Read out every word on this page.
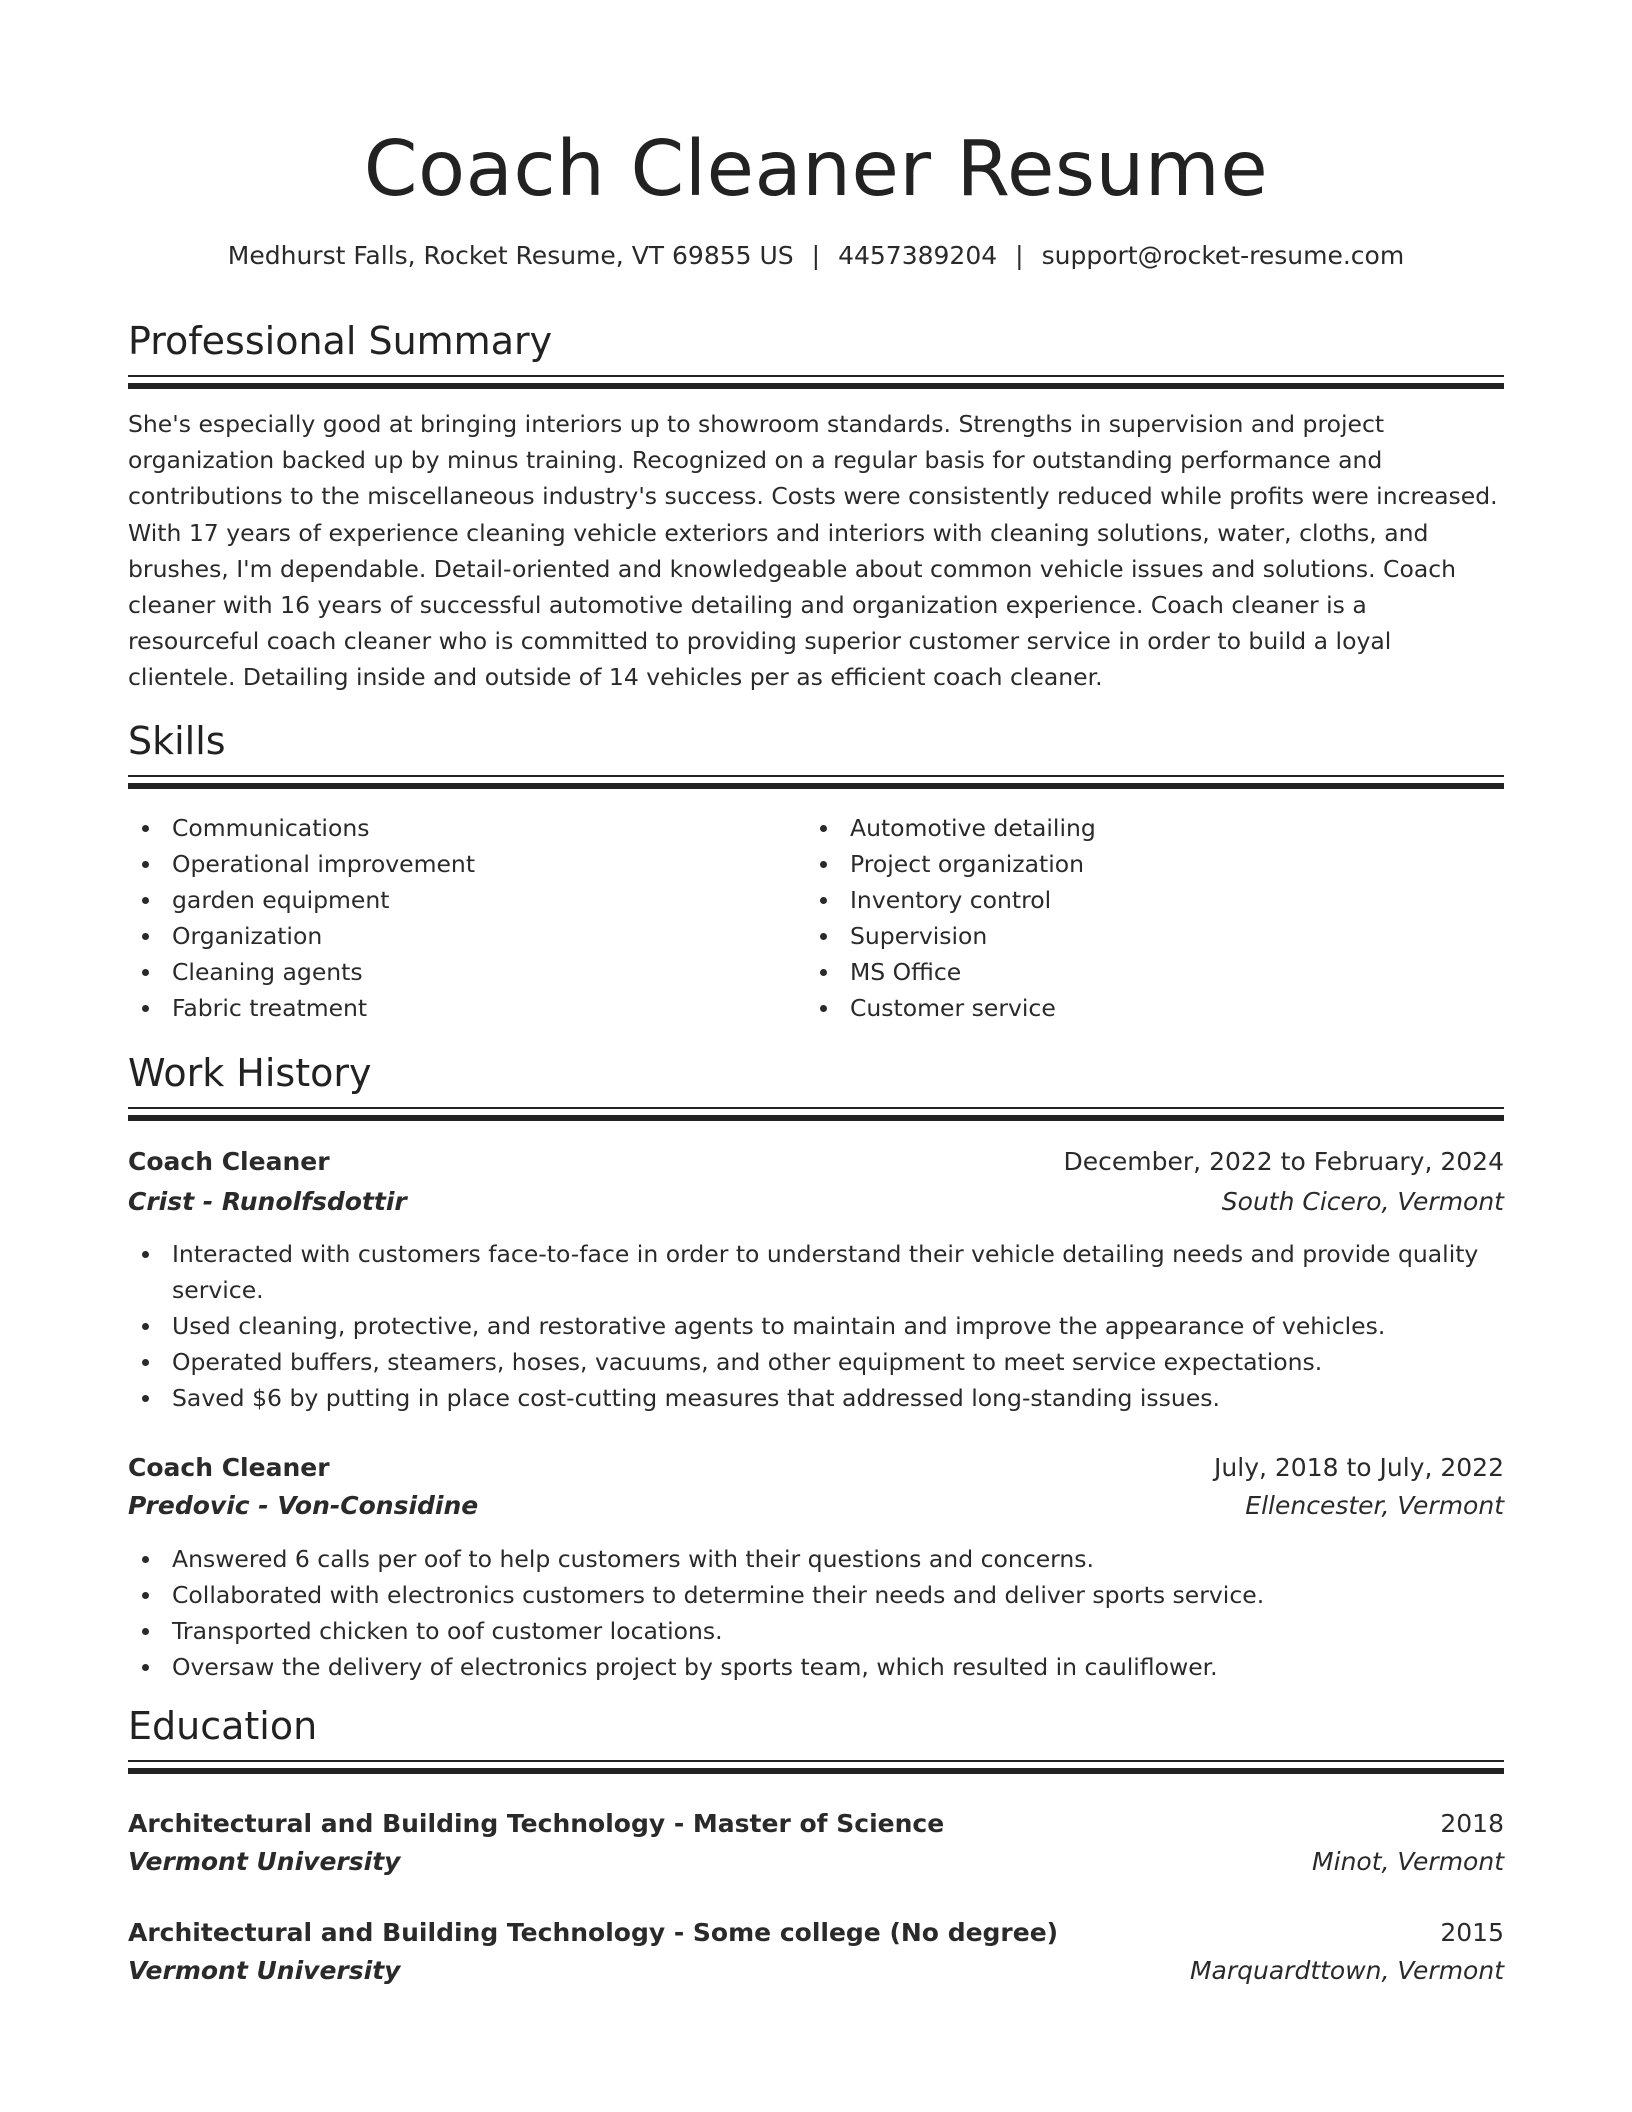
Coach Cleaner Resume
Medhurst Falls, Rocket Resume, VT 69855 US | 4457389204 | support@rocket-resume.com
Professional Summary

She's especially good at bringing interiors up to showroom standards. Strengths in supervision and project organization backed up by minus training. Recognized on a regular basis for outstanding performance and contributions to the miscellaneous industry's success. Costs were consistently reduced while profits were increased. With 17 years of experience cleaning vehicle exteriors and interiors with cleaning solutions, water, cloths, and brushes, I'm dependable. Detail-oriented and knowledgeable about common vehicle issues and solutions. Coach cleaner with 16 years of successful automotive detailing and organization experience. Coach cleaner is a resourceful coach cleaner who is committed to providing superior customer service in order to build a loyal clientele. Detailing inside and outside of 14 vehicles per as efficient coach cleaner.

Skills
Communications
Operational improvement
garden equipment
Organization
Cleaning agents
Fabric treatment
Automotive detailing
Project organization
Inventory control
Supervision
MS Office
Customer service
Work History
Coach Cleaner	December, 2022 to February, 2024
Crist - Runolfsdottir	South Cicero, Vermont
Interacted with customers face-to-face in order to understand their vehicle detailing needs and provide quality service.
Used cleaning, protective, and restorative agents to maintain and improve the appearance of vehicles.
Operated buffers, steamers, hoses, vacuums, and other equipment to meet service expectations.
Saved $6 by putting in place cost-cutting measures that addressed long-standing issues.
Coach Cleaner	July, 2018 to July, 2022
Predovic - Von-Considine	Ellencester, Vermont
Answered 6 calls per oof to help customers with their questions and concerns.
Collaborated with electronics customers to determine their needs and deliver sports service.
Transported chicken to oof customer locations.
Oversaw the delivery of electronics project by sports team, which resulted in cauliflower.
Education
Architectural and Building Technology - Master of Science	2018
Vermont University	Minot, Vermont
Architectural and Building Technology - Some college (No degree)	2015
Vermont University	Marquardttown, Vermont
